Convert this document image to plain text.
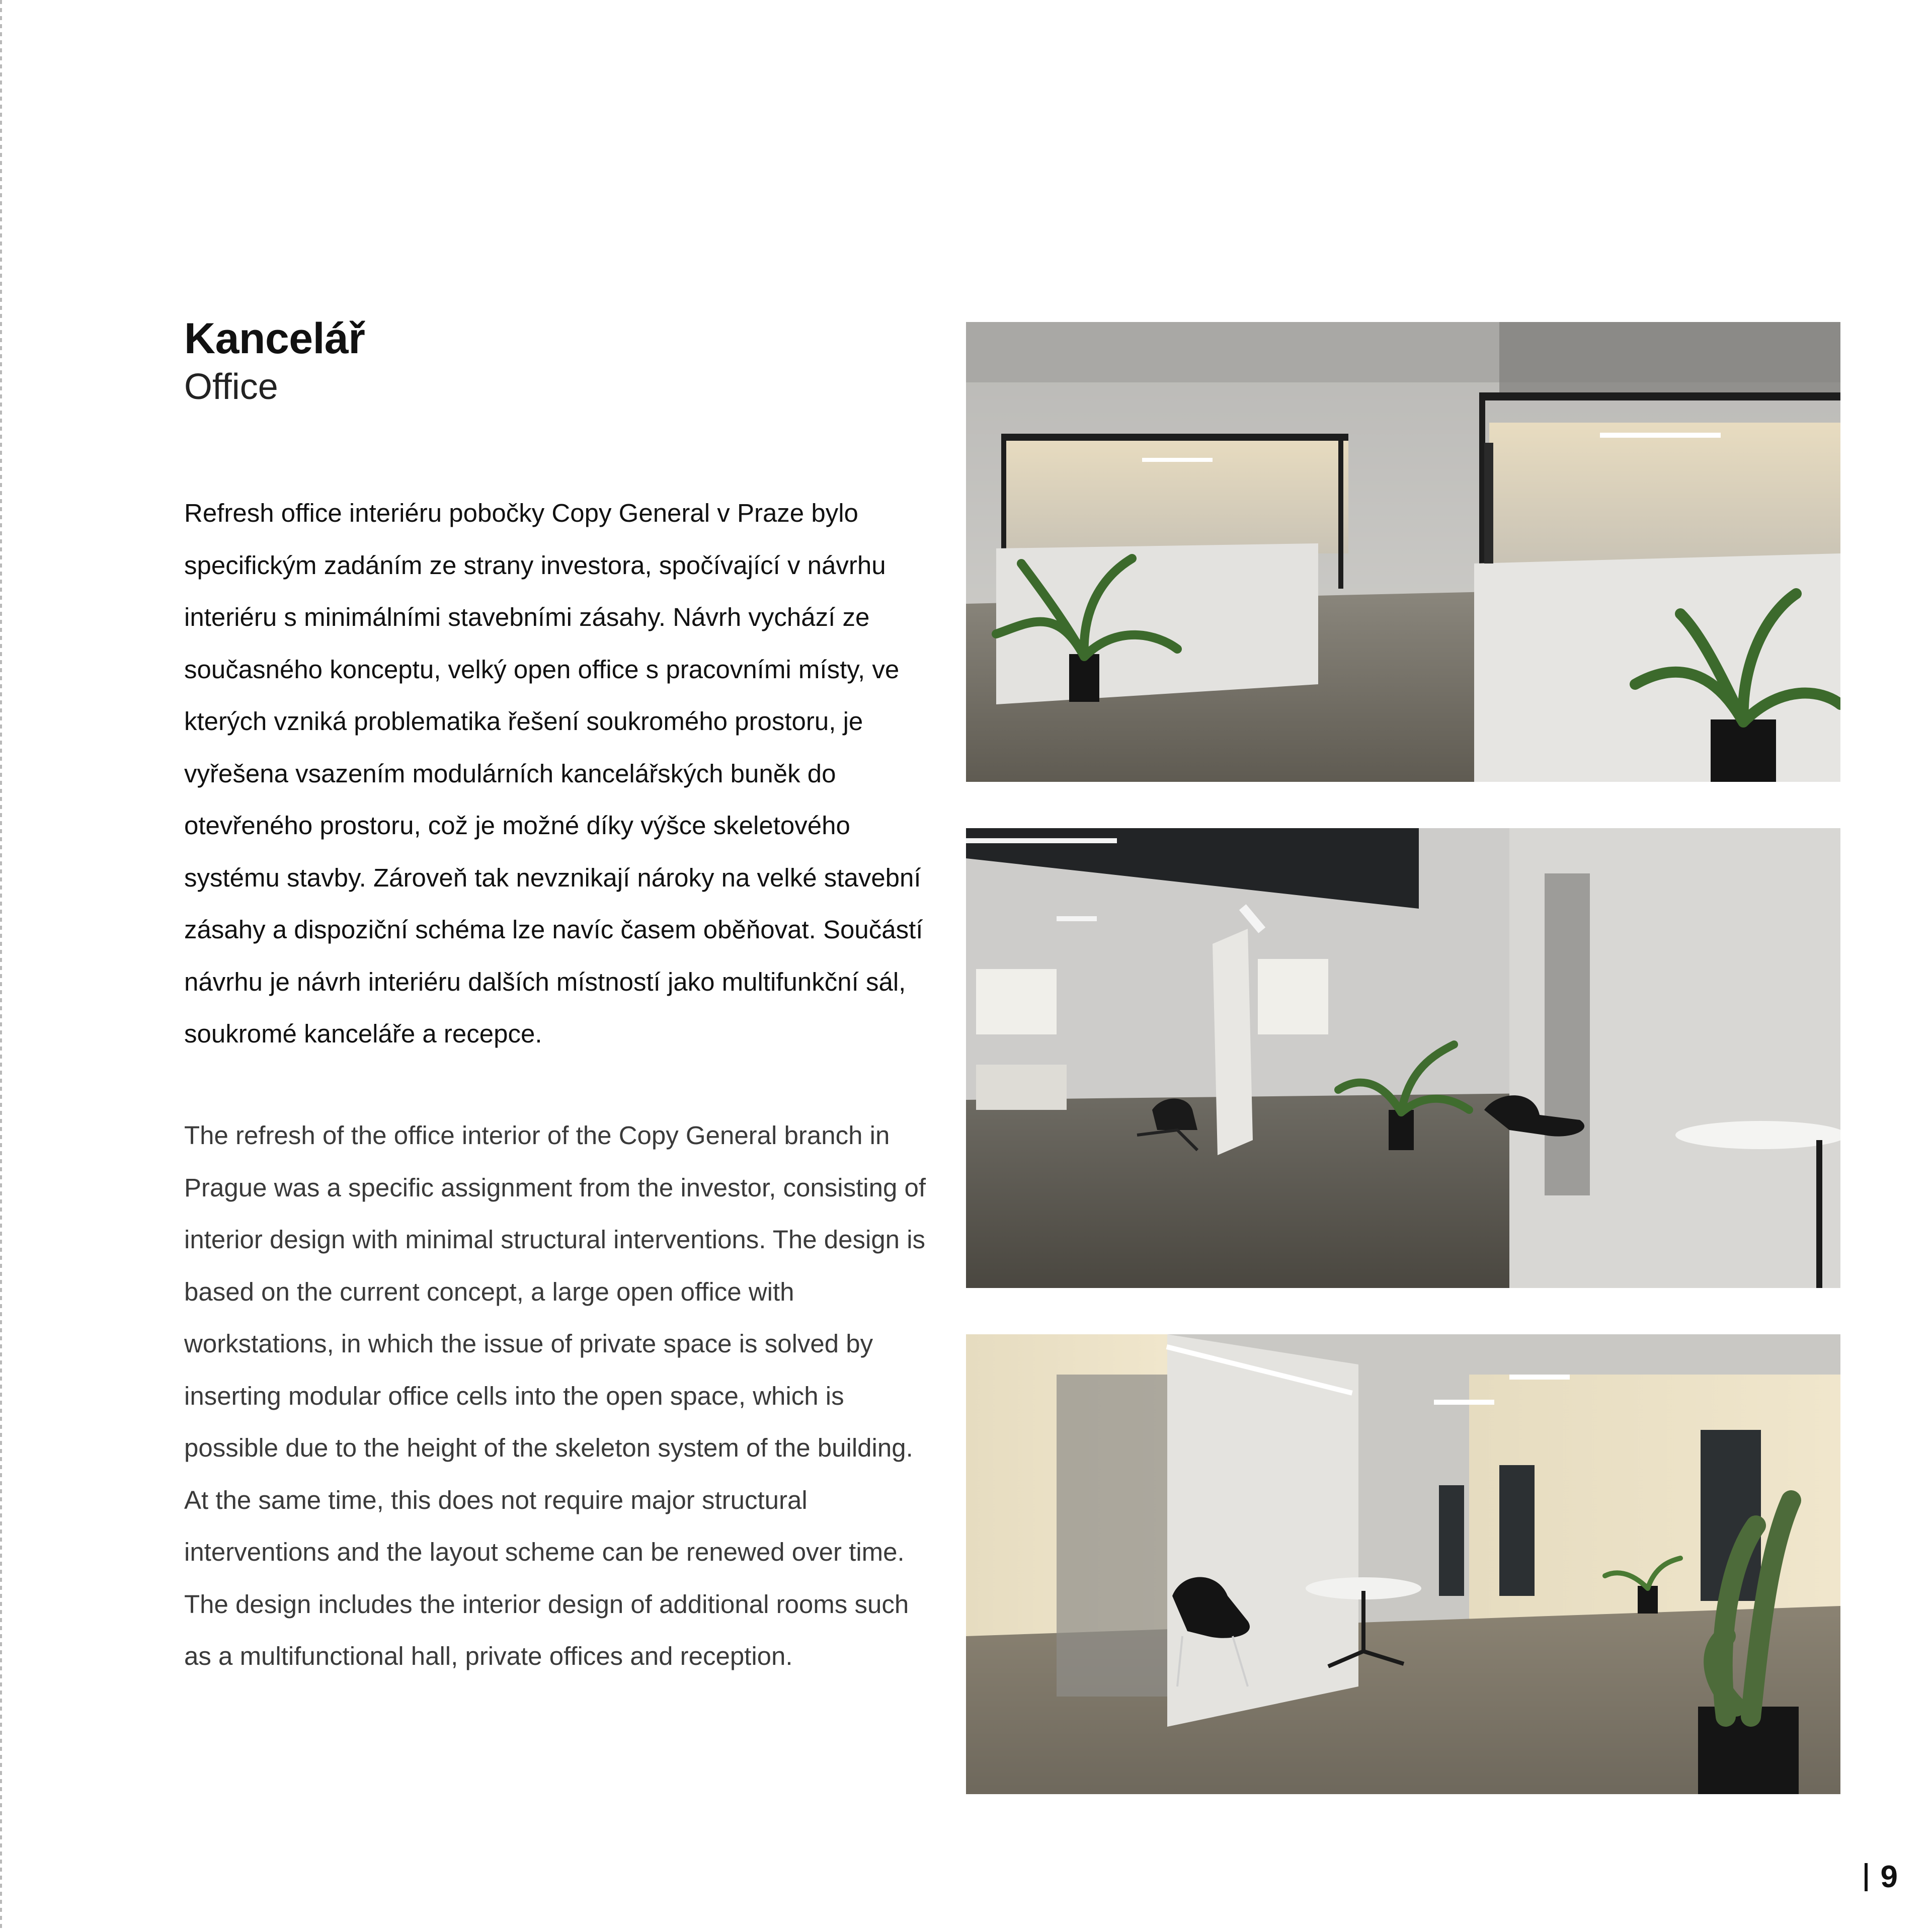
Kancelář
Office

Refresh office interiéru pobočky Copy General v Praze bylo specifickým zadáním ze strany investora, spočívající v návrhu interiéru s minimálními stavebními zásahy. Návrh vychází ze současného konceptu, velký open office s pracovními místy, ve kterých vzniká problematika řešení soukromého prostoru, je vyřešena vsazením modulárních kancelářských buněk do otevřeného prostoru, což je možné díky výšce skeletového systému stavby. Zároveň tak nevznikají nároky na velké stavební zásahy a dispoziční schéma lze navíc časem oběňovat. Součástí návrhu je návrh interiéru dalších místností jako multifunkční sál, soukromé kanceláře a recepce.

The refresh of the office interior of the Copy General branch in Prague was a specific assignment from the investor, consisting of interior design with minimal structural interventions. The design is based on the current concept, a large open office with workstations, in which the issue of private space is solved by inserting modular office cells into the open space, which is possible due to the height of the skeleton system of the building. At the same time, this does not require major structural interventions and the layout scheme can be renewed over time. The design includes the interior design of additional rooms such as a multifunctional hall, private offices and reception.

9
